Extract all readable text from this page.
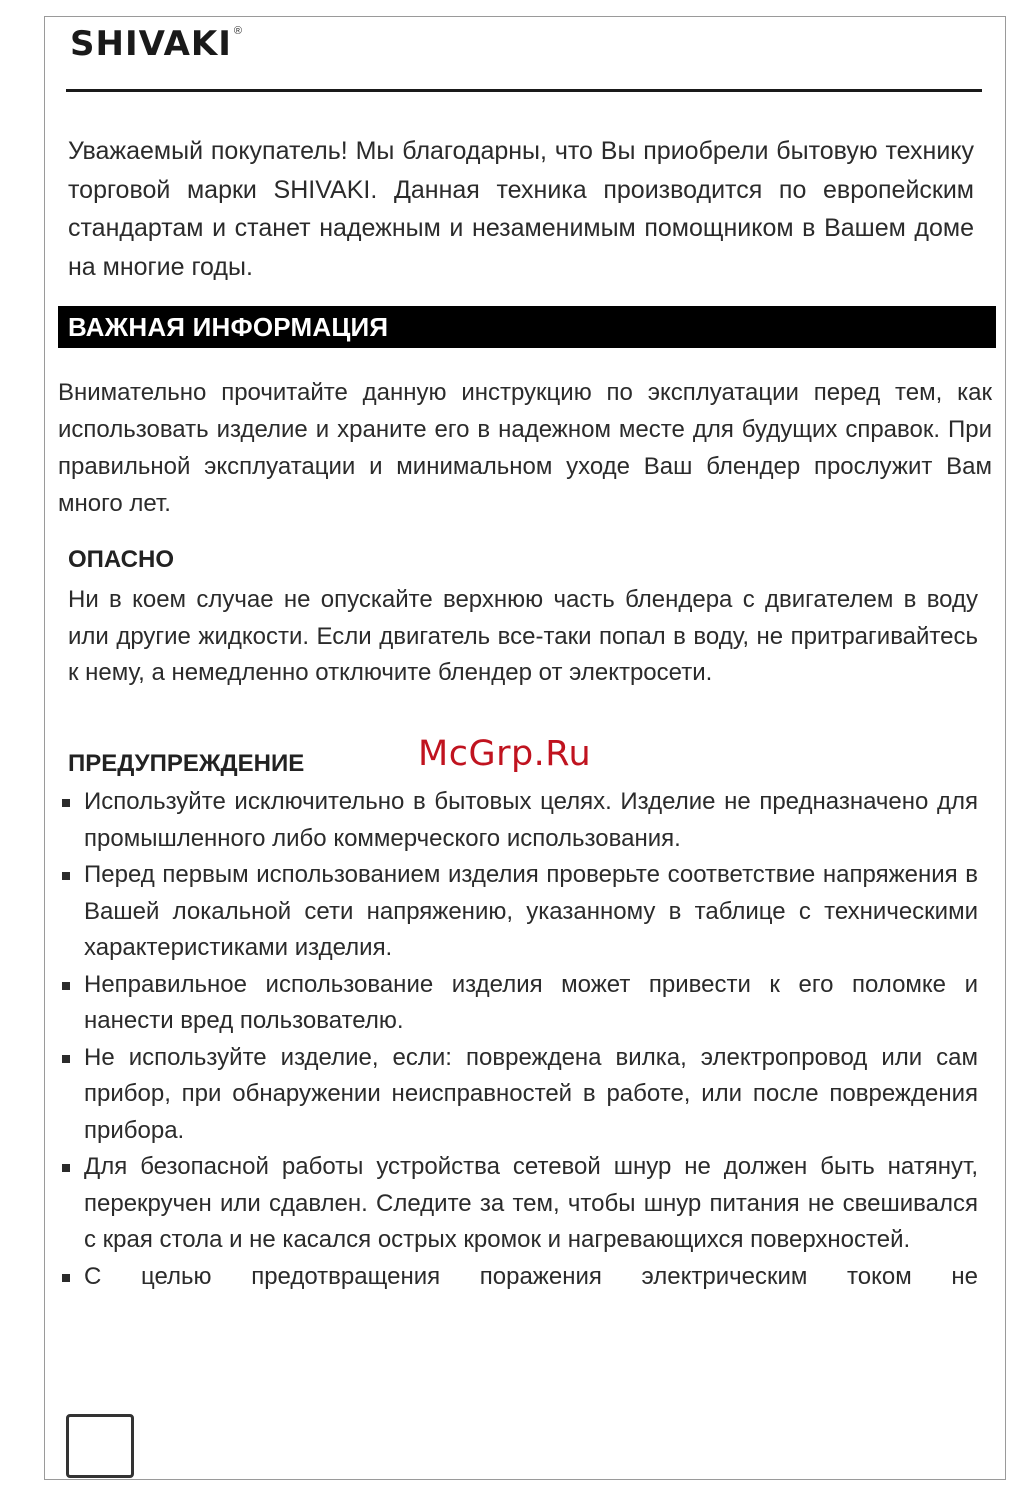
SHIVAKI ®

Уважаемый покупатель! Мы благодарны, что Вы приобрели бытовую технику торговой марки SHIVAKI. Данная техника производится по европейским стандартам и станет надежным и незаменимым помощником в Вашем доме на многие годы.

ВАЖНАЯ ИНФОРМАЦИЯ

Внимательно прочитайте данную инструкцию по эксплуатации перед тем, как использовать изделие и храните его в надежном месте для будущих справок. При правильной эксплуатации и минимальном уходе Ваш блендер прослужит Вам много лет.

ОПАСНО

Ни в коем случае не опускайте верхнюю часть блендера с двигателем в воду или другие жидкости. Если двигатель все-таки попал в воду, не притрагивайтесь к нему, а немедленно отключите блендер от электросети.

ПРЕДУПРЕЖДЕНИЕ	McGrp.Ru
Используйте исключительно в бытовых целях. Изделие не предназначено для промышленного либо коммерческого использования.
Перед первым использованием изделия проверьте соответствие напряжения в Вашей локальной сети напряжению, указанному в таблице с техническими характеристиками изделия.
Неправильное использование изделия может привести к его поломке и нанести вред пользователю.
Не используйте изделие, если: повреждена вилка, электропровод или сам прибор, при обнаружении неисправностей в работе, или после повреждения прибора.
Для безопасной работы устройства сетевой шнур не должен быть натянут, перекручен или сдавлен. Следите за тем, чтобы шнур питания не свешивался с края стола и не касался острых кромок и нагревающихся поверхностей.
С целью предотвращения поражения электрическим током не
